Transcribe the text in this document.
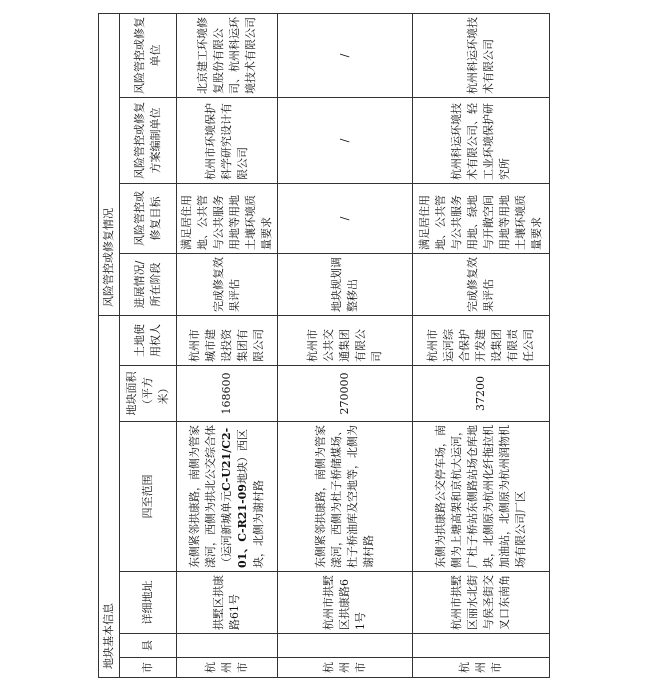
地块基本信息						风险管控或修复情况			
市	县	详细地址	四至范围	地块面积（平方米）	土地使用权人	进展情况/所在阶段	风险管控或修复目标	风险管控或修复方案编制单位	风险管控或修复单位
杭州市		拱墅区拱康路61号	东侧紧邻拱康路，南侧为管家漾河，西侧为拱北公交综合体（运河新城单元C-U21/C2-01、C-R21-09地块）西区块，北侧为谢村路	168600	杭州市城市建设投资集团有限公司	完成修复效果评估	满足居住用地、公共管与公共服务用地等用地土壤环境质量要求	杭州市环境保护科学研究设计有限公司	北京建工环境修复股份有限公司、杭州科运环境技术有限公司
杭州市		杭州市拱墅区拱康路61号	东侧紧邻拱康路，南侧为管家漾河，西侧为杜子桥储煤场、杜子桥油库及空地等，北侧为谢村路	270000	杭州市公共交通集团有限公司	地块规划调整移出	/	/	/
杭州市		杭州市拱墅区丽水北街与侯圣街交叉口东南角	东侧为拱康路公交停车场，南侧为上塘高架和京杭大运河，广杜子桥站东侧路站场仓库地块，北侧原为杭州化纤拖拉机加油站，北侧原为杭州润物机场有限公司厂区	37200	杭州市运河综合保护开发建设集团有限责任公司	完成修复效果评估	满足居住用地、公共管与公共服务用地、绿地与开敞空间用地等用地土壤环境质量要求	杭州科运环境技术有限公司、轻工业环境保护研究所	杭州科运环境技术有限公司
